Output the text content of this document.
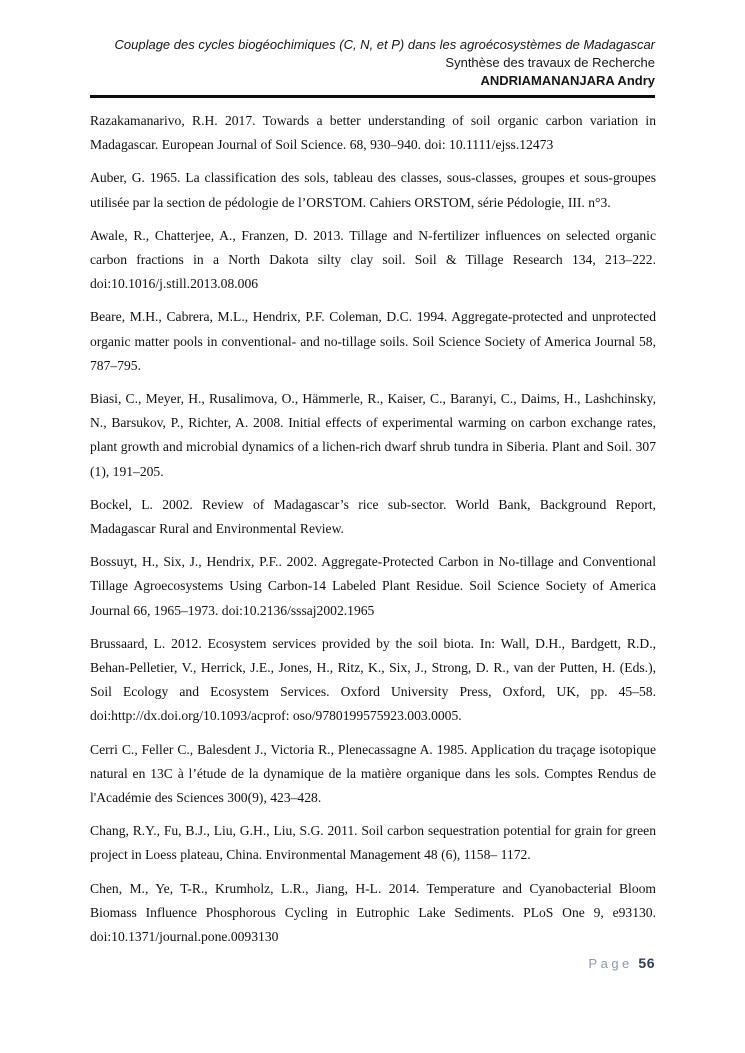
Couplage des cycles biogéochimiques (C, N, et P) dans les agroécosystèmes de Madagascar
Synthèse des travaux de Recherche
ANDRIAMANANJARA Andry

Razakamanarivo, R.H. 2017. Towards a better understanding of soil organic carbon variation in Madagascar. European Journal of Soil Science. 68, 930–940. doi: 10.1111/ejss.12473

Auber, G. 1965. La classification des sols, tableau des classes, sous-classes, groupes et sous-groupes utilisée par la section de pédologie de l’ORSTOM. Cahiers ORSTOM, série Pédologie, III. n°3.

Awale, R., Chatterjee, A., Franzen, D. 2013. Tillage and N-fertilizer influences on selected organic carbon fractions in a North Dakota silty clay soil. Soil & Tillage Research 134, 213–222. doi:10.1016/j.still.2013.08.006

Beare, M.H., Cabrera, M.L., Hendrix, P.F. Coleman, D.C. 1994. Aggregate-protected and unprotected organic matter pools in conventional- and no-tillage soils. Soil Science Society of America Journal 58, 787–795.

Biasi, C., Meyer, H., Rusalimova, O., Hämmerle, R., Kaiser, C., Baranyi, C., Daims, H., Lashchinsky, N., Barsukov, P., Richter, A. 2008. Initial effects of experimental warming on carbon exchange rates, plant growth and microbial dynamics of a lichen-rich dwarf shrub tundra in Siberia. Plant and Soil. 307 (1), 191–205.

Bockel, L. 2002. Review of Madagascar’s rice sub-sector. World Bank, Background Report, Madagascar Rural and Environmental Review.

Bossuyt, H., Six, J., Hendrix, P.F.. 2002. Aggregate-Protected Carbon in No-tillage and Conventional Tillage Agroecosystems Using Carbon-14 Labeled Plant Residue. Soil Science Society of America Journal 66, 1965–1973. doi:10.2136/sssaj2002.1965

Brussaard, L. 2012. Ecosystem services provided by the soil biota. In: Wall, D.H., Bardgett, R.D., Behan-Pelletier, V., Herrick, J.E., Jones, H., Ritz, K., Six, J., Strong, D. R., van der Putten, H. (Eds.), Soil Ecology and Ecosystem Services. Oxford University Press, Oxford, UK, pp. 45–58. doi:http://dx.doi.org/10.1093/acprof: oso/9780199575923.003.0005.

Cerri C., Feller C., Balesdent J., Victoria R., Plenecassagne A. 1985. Application du traçage isotopique natural en 13C à l’étude de la dynamique de la matière organique dans les sols. Comptes Rendus de l'Académie des Sciences 300(9), 423–428.

Chang, R.Y., Fu, B.J., Liu, G.H., Liu, S.G. 2011. Soil carbon sequestration potential for grain for green project in Loess plateau, China. Environmental Management 48 (6), 1158– 1172.

Chen, M., Ye, T-R., Krumholz, L.R., Jiang, H-L. 2014. Temperature and Cyanobacterial Bloom Biomass Influence Phosphorous Cycling in Eutrophic Lake Sediments. PLoS One 9, e93130. doi:10.1371/journal.pone.0093130

Page 56
